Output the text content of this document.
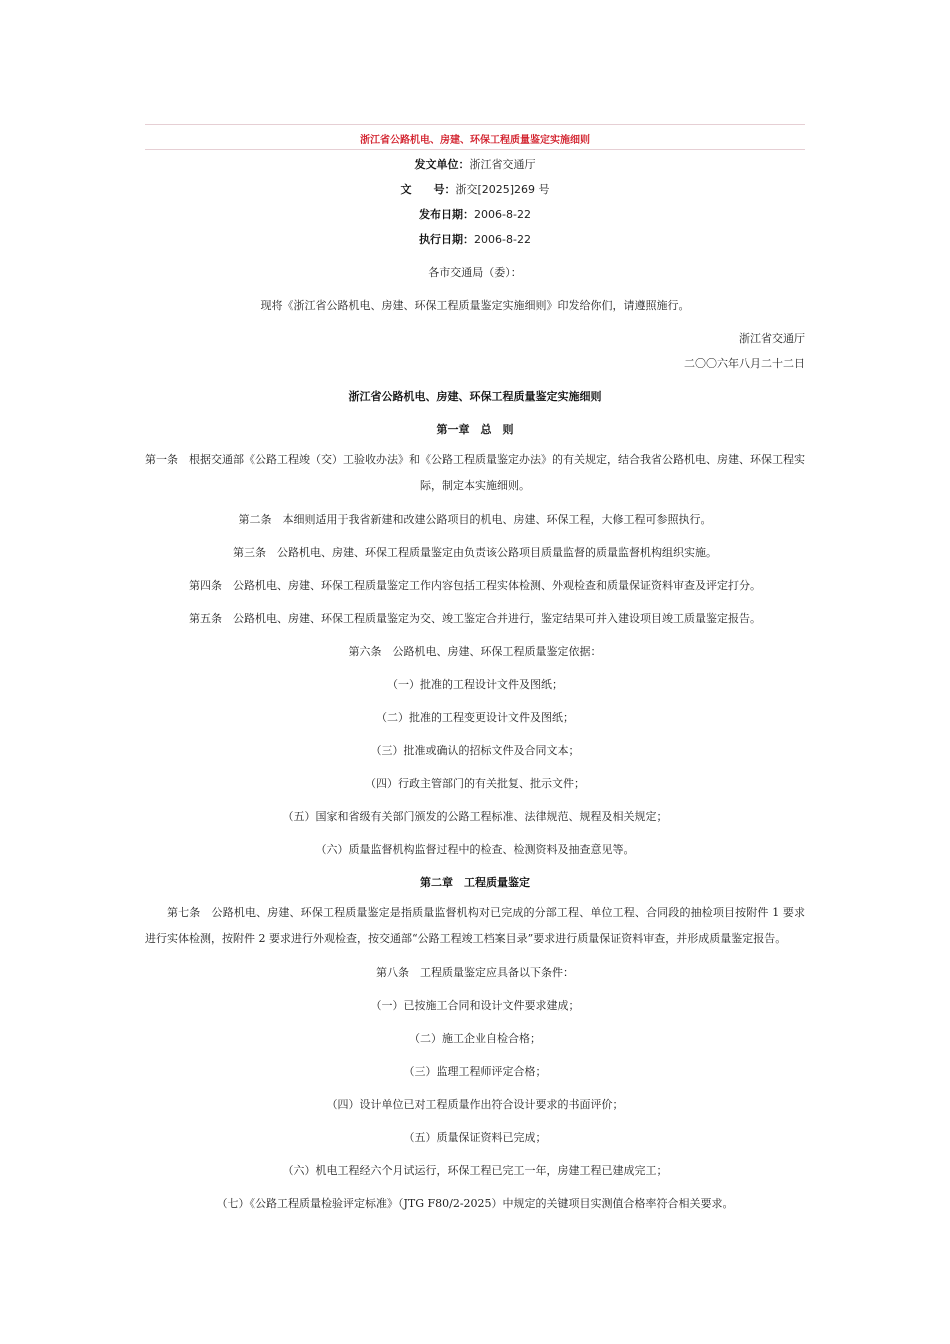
浙江省公路机电、房建、环保工程质量鉴定实施细则
发文单位：浙江省交通厅
文　　号：浙交[2025]269 号
发布日期：2006-8-22
执行日期：2006-8-22
各市交通局（委）：
现将《浙江省公路机电、房建、环保工程质量鉴定实施细则》印发给你们，请遵照施行。
浙江省交通厅
二〇〇六年八月二十二日
浙江省公路机电、房建、环保工程质量鉴定实施细则
第一章　总　则
第一条　根据交通部《公路工程竣（交）工验收办法》和《公路工程质量鉴定办法》的有关规定，结合我省公路机电、房建、环保工程实际，制定本实施细则。
第二条　本细则适用于我省新建和改建公路项目的机电、房建、环保工程，大修工程可参照执行。
第三条　公路机电、房建、环保工程质量鉴定由负责该公路项目质量监督的质量监督机构组织实施。
第四条　公路机电、房建、环保工程质量鉴定工作内容包括工程实体检测、外观检查和质量保证资料审查及评定打分。
第五条　公路机电、房建、环保工程质量鉴定为交、竣工鉴定合并进行，鉴定结果可并入建设项目竣工质量鉴定报告。
第六条　公路机电、房建、环保工程质量鉴定依据：
（一）批准的工程设计文件及图纸；
（二）批准的工程变更设计文件及图纸；
（三）批准或确认的招标文件及合同文本；
（四）行政主管部门的有关批复、批示文件；
（五）国家和省级有关部门颁发的公路工程标准、法律规范、规程及相关规定；
（六）质量监督机构监督过程中的检查、检测资料及抽查意见等。
第二章　工程质量鉴定
第七条　公路机电、房建、环保工程质量鉴定是指质量监督机构对已完成的分部工程、单位工程、合同段的抽检项目按附件 1 要求进行实体检测，按附件 2 要求进行外观检查，按交通部“公路工程竣工档案目录”要求进行质量保证资料审查，并形成质量鉴定报告。
第八条　工程质量鉴定应具备以下条件：
（一）已按施工合同和设计文件要求建成；
（二）施工企业自检合格；
（三）监理工程师评定合格；
（四）设计单位已对工程质量作出符合设计要求的书面评价；
（五）质量保证资料已完成；
（六）机电工程经六个月试运行，环保工程已完工一年，房建工程已建成完工；
（七）《公路工程质量检验评定标准》（JTG F80/2-2025）中规定的关键项目实测值合格率符合相关要求。
